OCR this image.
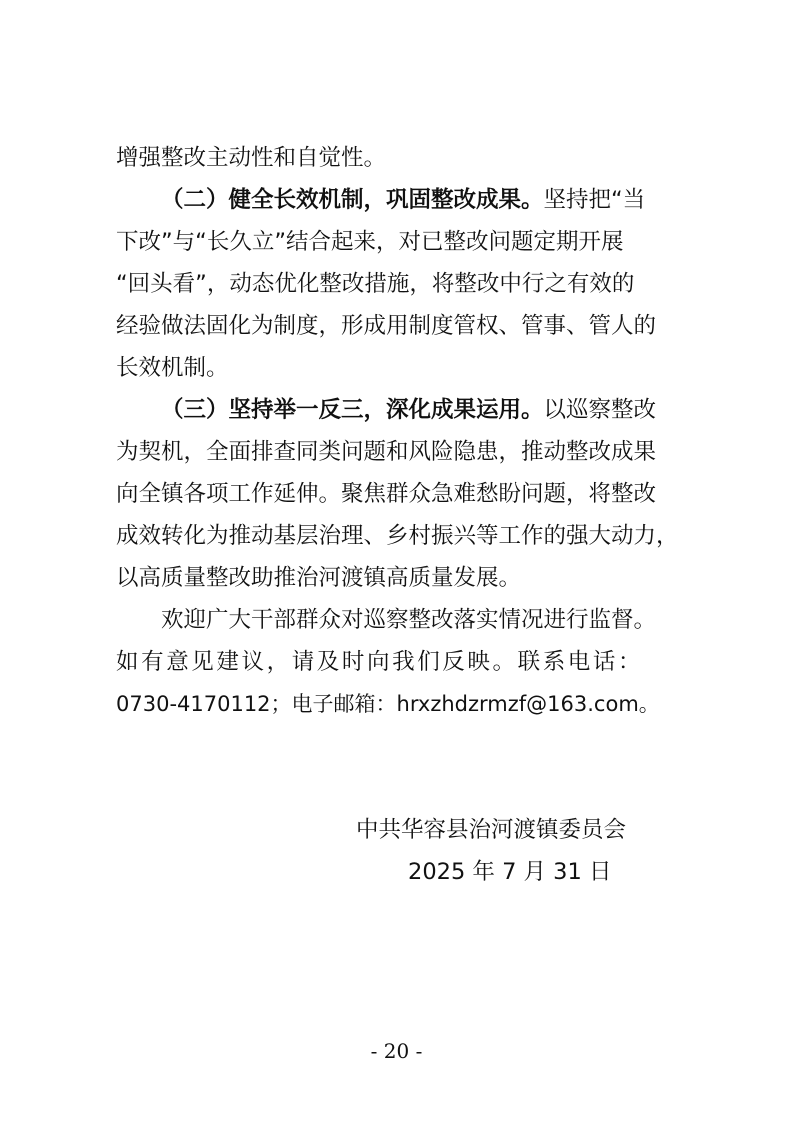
增强整改主动性和自觉性。
（二）健全长效机制，巩固整改成果。坚持把“当
下改”与“长久立”结合起来，对已整改问题定期开展
“回头看”，动态优化整改措施，将整改中行之有效的
经验做法固化为制度，形成用制度管权、管事、管人的
长效机制。
（三）坚持举一反三，深化成果运用。以巡察整改
为契机，全面排查同类问题和风险隐患，推动整改成果
向全镇各项工作延伸。聚焦群众急难愁盼问题，将整改
成效转化为推动基层治理、乡村振兴等工作的强大动力，
以高质量整改助推治河渡镇高质量发展。
欢迎广大干部群众对巡察整改落实情况进行监督。
如有意见建议，请及时向我们反映。联系电话：
0730-4170112；电子邮箱：hrxzhdzrmzf@163.com。
中共华容县治河渡镇委员会
2025 年 7 月 31 日
- 20 -
